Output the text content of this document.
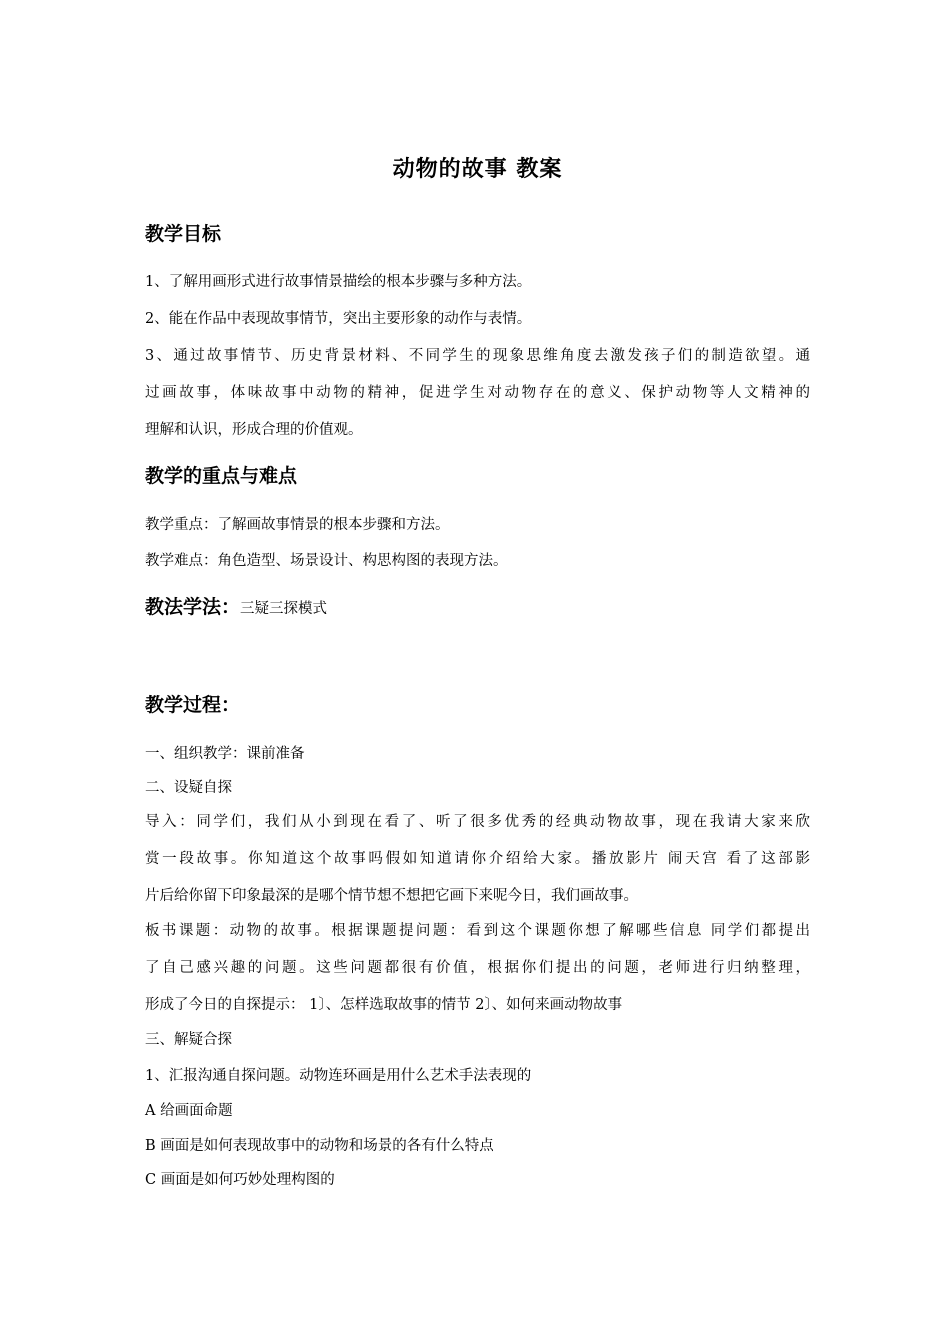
动物的故事 教案
教学目标
1、了解用画形式进行故事情景描绘的根本步骤与多种方法。
2、能在作品中表现故事情节，突出主要形象的动作与表情。
3、通过故事情节、历史背景材料、不同学生的现象思维角度去激发孩子们的制造欲望。通
过画故事，体味故事中动物的精神，促进学生对动物存在的意义、保护动物等人文精神的
理解和认识，形成合理的价值观。
教学的重点与难点
教学重点：了解画故事情景的根本步骤和方法。
教学难点：角色造型、场景设计、构思构图的表现方法。
教法学法：三疑三探模式
教学过程：
一、组织教学：课前准备
二、设疑自探
导入：同学们，我们从小到现在看了、听了很多优秀的经典动物故事，现在我请大家来欣
赏一段故事。你知道这个故事吗假如知道请你介绍给大家。播放影片 闹天宫 看了这部影
片后给你留下印象最深的是哪个情节想不想把它画下来呢今日，我们画故事。
板书课题：动物的故事。根据课题提问题：看到这个课题你想了解哪些信息 同学们都提出
了自己感兴趣的问题。这些问题都很有价值，根据你们提出的问题，老师进行归纳整理，
形成了今日的自探提示： 1〕、怎样选取故事的情节 2〕、如何来画动物故事
三、解疑合探
1、汇报沟通自探问题。动物连环画是用什么艺术手法表现的
A 给画面命题
B 画面是如何表现故事中的动物和场景的各有什么特点
C 画面是如何巧妙处理构图的
